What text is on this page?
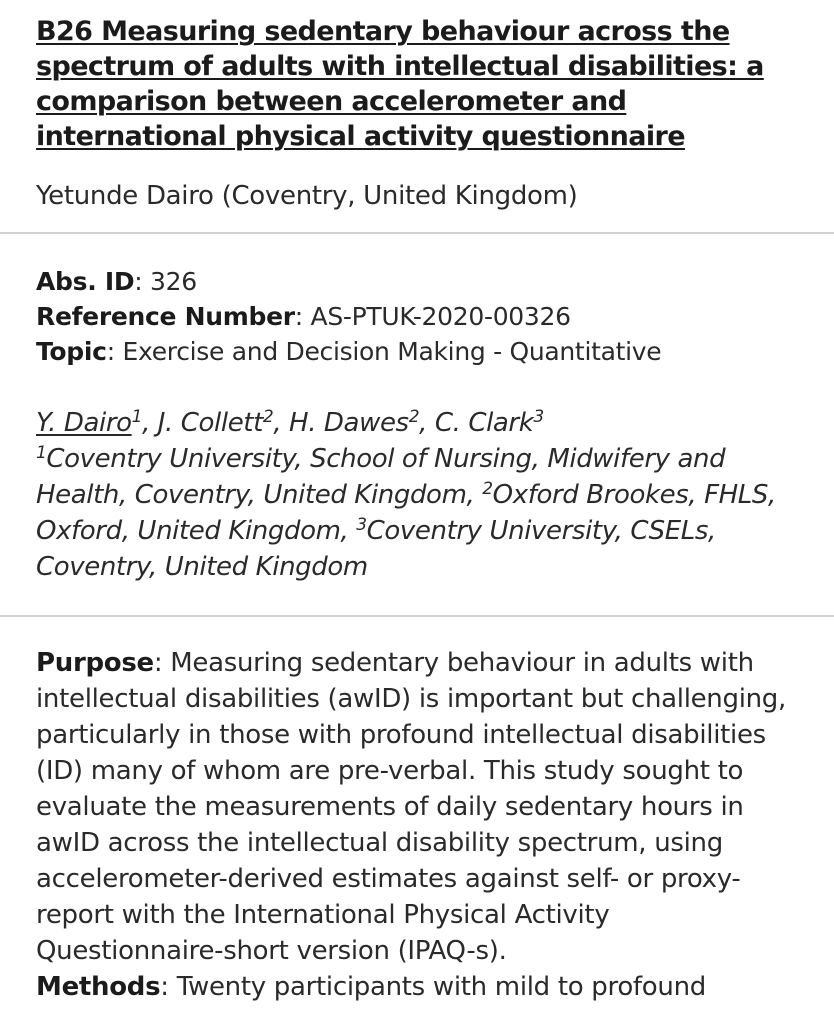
B26 Measuring sedentary behaviour across the spectrum of adults with intellectual disabilities: a comparison between accelerometer and international physical activity questionnaire
Yetunde Dairo (Coventry, United Kingdom)
Abs. ID: 326
Reference Number: AS-PTUK-2020-00326
Topic: Exercise and Decision Making - Quantitative
Y. Dairo$^1$, J. Collett$^2$, H. Dawes$^2$, C. Clark$^3$
$^1$Coventry University, School of Nursing, Midwifery and Health, Coventry, United Kingdom, $^2$Oxford Brookes, FHLS, Oxford, United Kingdom, $^3$Coventry University, CSELs, Coventry, United Kingdom
Purpose: Measuring sedentary behaviour in adults with intellectual disabilities (awID) is important but challenging, particularly in those with profound intellectual disabilities (ID) many of whom are pre-verbal. This study sought to evaluate the measurements of daily sedentary hours in awID across the intellectual disability spectrum, using accelerometer-derived estimates against self- or proxy-report with the International Physical Activity Questionnaire-short version (IPAQ-s).
Methods: Twenty participants with mild to profound
